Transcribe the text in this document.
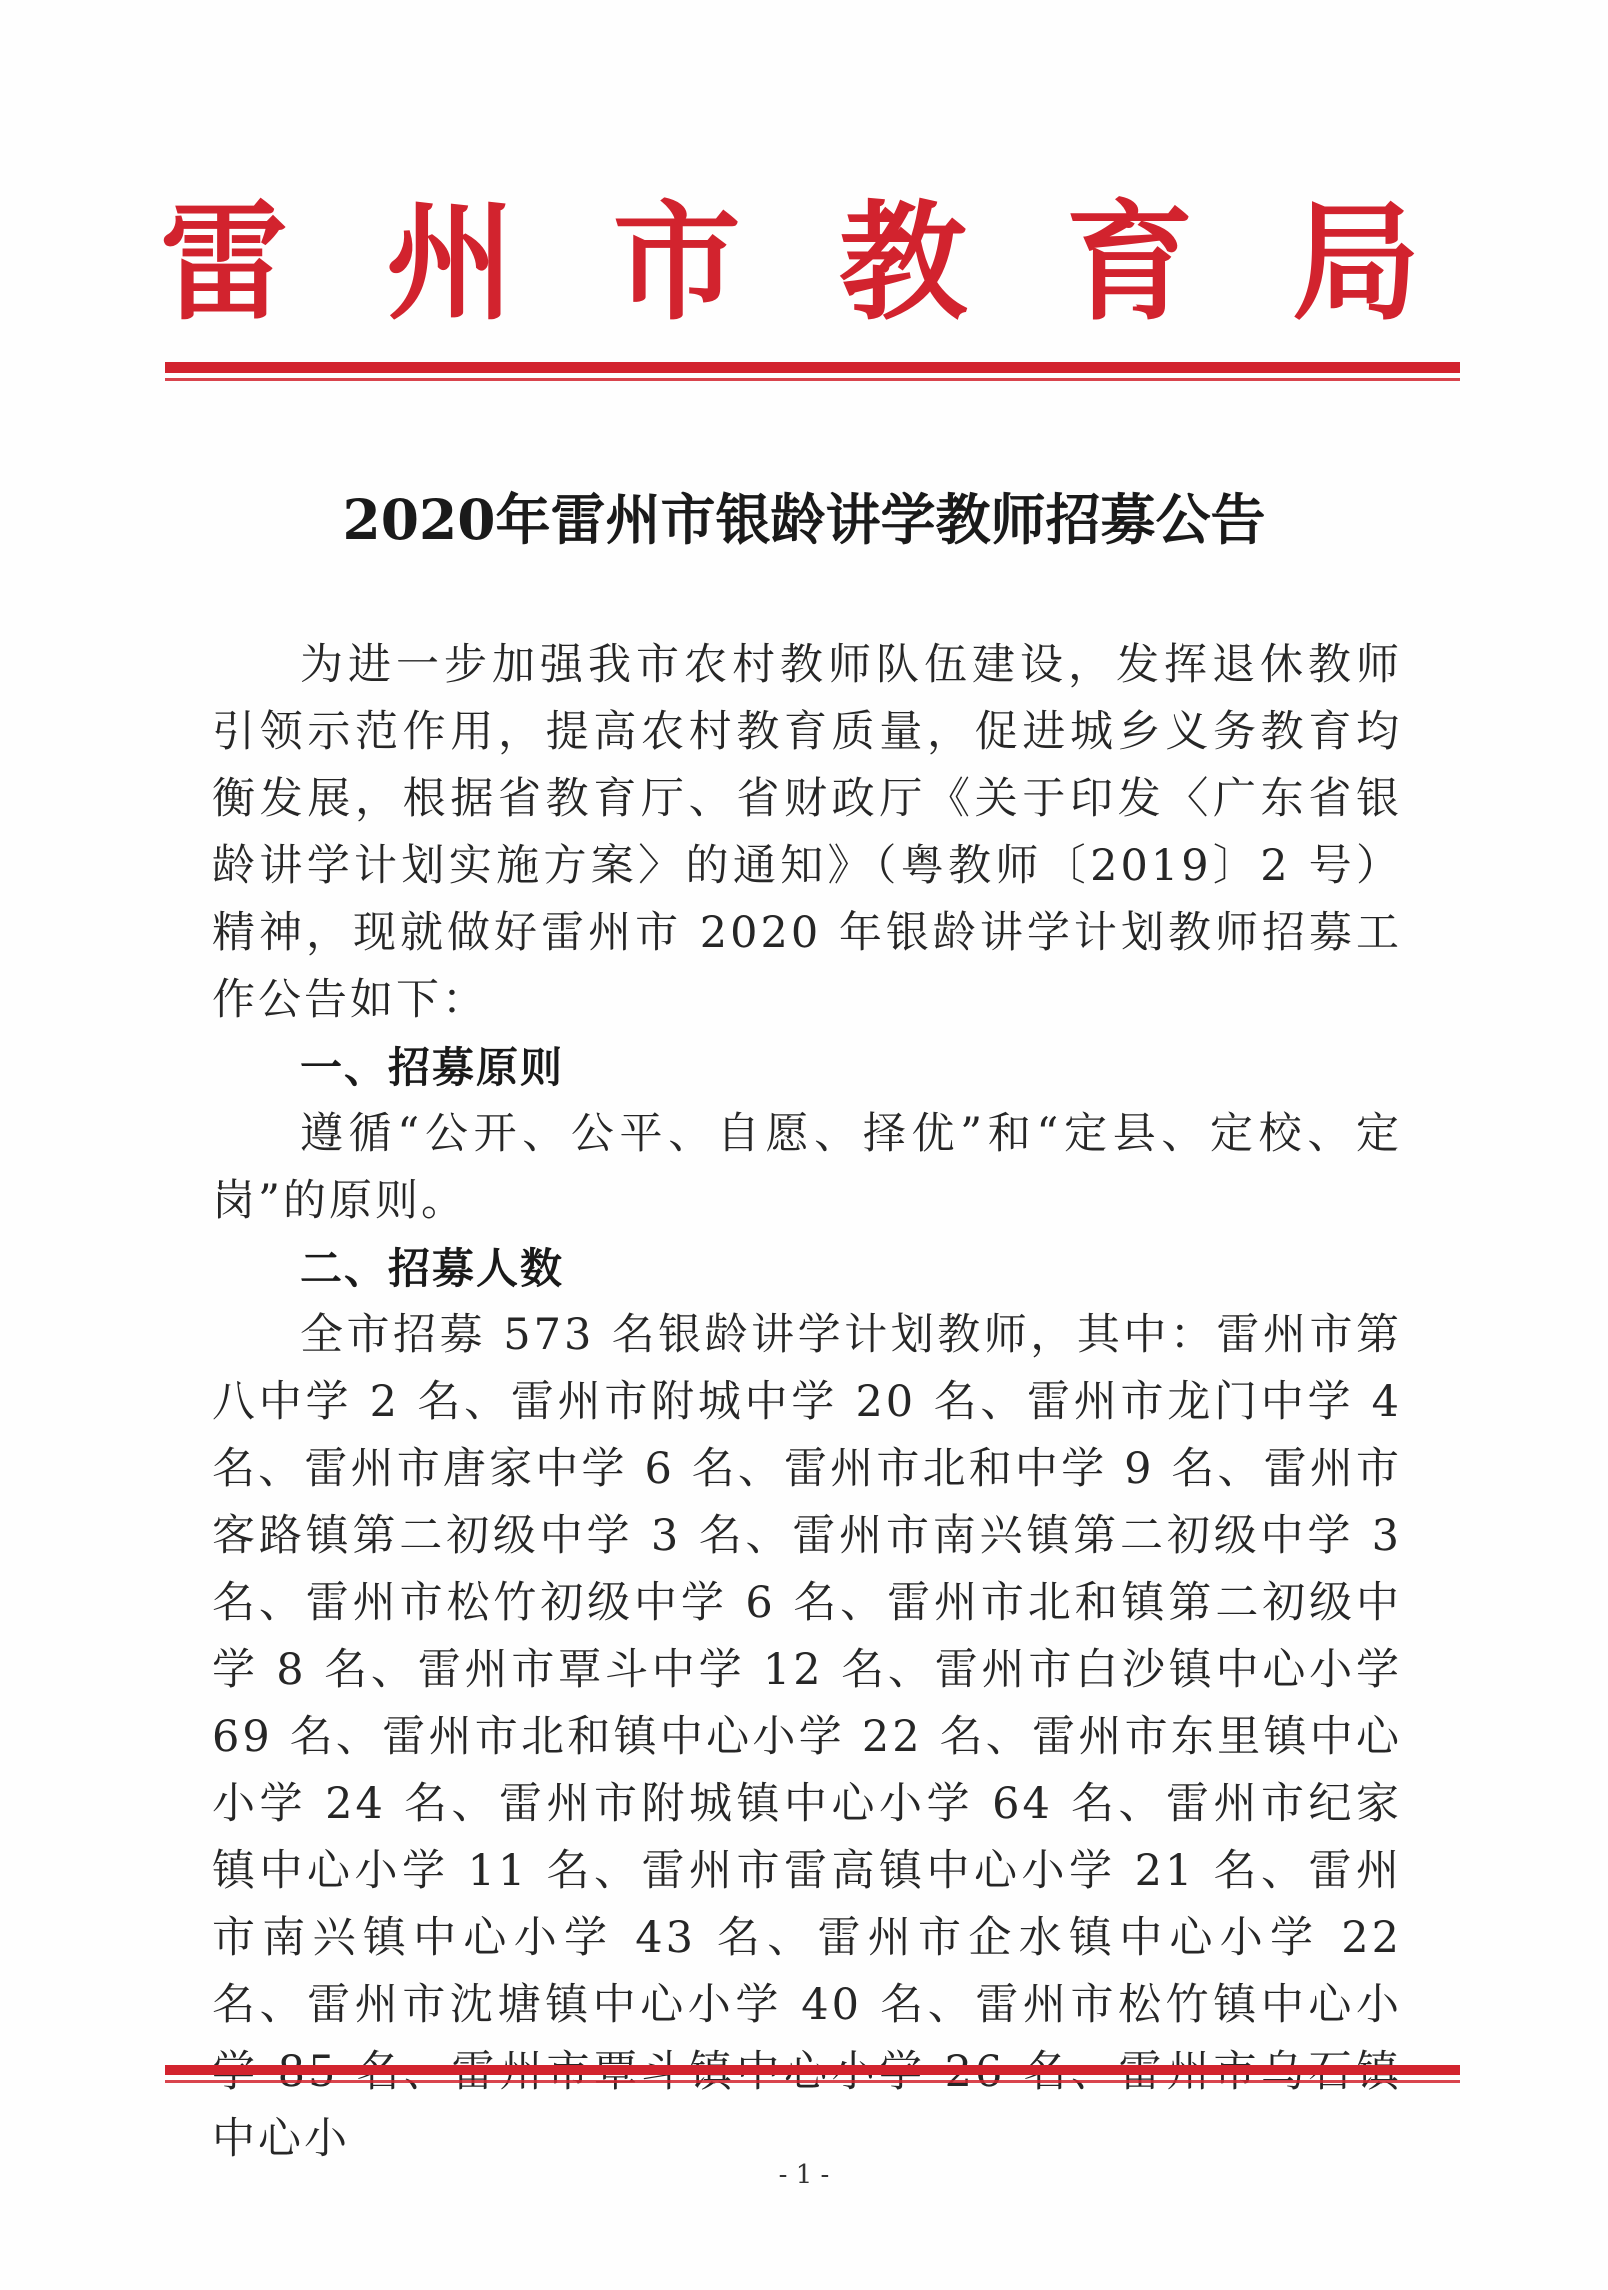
雷 州 市 教 育 局
2020年雷州市银龄讲学教师招募公告

为进一步加强我市农村教师队伍建设，发挥退休教师引领示范作用，提高农村教育质量，促进城乡义务教育均衡发展，根据省教育厅、省财政厅《关于印发〈广东省银龄讲学计划实施方案〉的通知》（粤教师〔2019〕2 号）精神，现就做好雷州市 2020 年银龄讲学计划教师招募工作公告如下：

一、招募原则

遵循“公开、公平、自愿、择优”和“定县、定校、定岗”的原则。

二、招募人数

全市招募 573 名银龄讲学计划教师，其中：雷州市第八中学 2 名、雷州市附城中学 20 名、雷州市龙门中学 4 名、雷州市唐家中学 6 名、雷州市北和中学 9 名、雷州市客路镇第二初级中学 3 名、雷州市南兴镇第二初级中学 3 名、雷州市松竹初级中学 6 名、雷州市北和镇第二初级中学 8 名、雷州市覃斗中学 12 名、雷州市白沙镇中心小学 69 名、雷州市北和镇中心小学 22 名、雷州市东里镇中心小学 24 名、雷州市附城镇中心小学 64 名、雷州市纪家镇中心小学 11 名、雷州市雷高镇中心小学 21 名、雷州市南兴镇中心小学 43 名、雷州市企水镇中心小学 22 名、雷州市沈塘镇中心小学 40 名、雷州市松竹镇中心小 中心小

- 1 -
